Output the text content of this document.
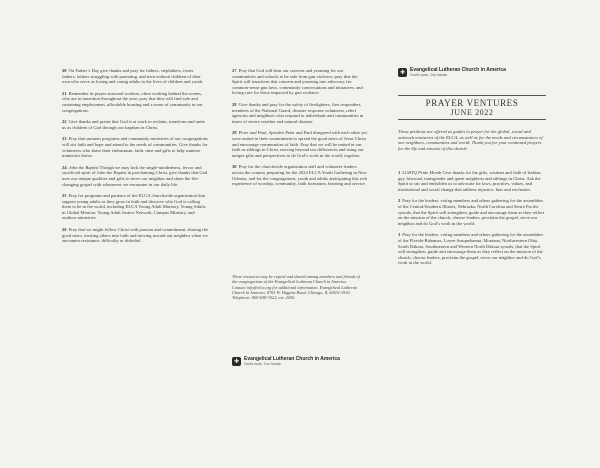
20 On Father’s Day give thanks and pray for fathers, stepfathers, foster fathers, fathers struggling with parenting, and men without children of their own who serve as loving and caring adults in the lives of children and youth.
21 Remember in prayer seasonal workers, often working behind the scenes, who are in transition throughout the year; pray that they will find safe and sustaining employment, affordable housing and a sense of community in our congregations.
22 Give thanks and praise that God is at work to reclaim, transform and unite us as children of God through our baptism in Christ.
23 Pray that summer programs and community ministries of our congregations will stir faith and hope and attend to the needs of communities. Give thanks for volunteers who share their enthusiasm, faith, time and gifts to help summer ministries thrive.
24 John the Baptist Though we may lack the single-mindedness, fervor and sacrificial spirit of John the Baptist in proclaiming Christ, give thanks that God uses our unique qualities and gifts to serve our neighbor and share the life-changing gospel with whomever we encounter in our daily life.
25 Pray for programs and partners of the ELCA churchwide organization that support young adults as they grow in faith and discover who God is calling them to be in the world, including ELCA Young Adult Ministry, Young Adults in Global Mission, Young Adult Justice Network, Campus Ministry, and outdoor ministries.
26 Pray that we might follow Christ with passion and commitment, sharing the good news, inviting others into faith and moving toward our neighbor when we encounter resistance, difficulty or disbelief.
27 Pray that God will hear our concern and yearning for our communities and schools to be safe from gun violence; pray that the Spirit will transform that concern and yearning into advocacy for common-sense gun laws, community conversations and initiatives, and loving care for those impacted by gun violence.
28 Give thanks and pray for the safety of firefighters, first responders, members of the National Guard, disaster response volunteers, relief agencies and neighbors who respond to individuals and communities in times of severe weather and natural disaster.
29 Peter and Paul, Apostles Peter and Paul disagreed with each other yet were united in their commitment to spread the good news of Jesus Christ and encourage communities of faith. Pray that we will be united in our faith as siblings in Christ, moving beyond our differences and using our unique gifts and perspectives to do God’s work in the world, together.
30 Pray for the churchwide organization staff and volunteer leaders across the country preparing for the 2024 ELCA Youth Gathering in New Orleans, and for the congregations, youth and adults anticipating this rich experience of worship, community, faith formation, learning and service.
These resources may be copied and shared among members and friends of the congregations of the Evangelical Lutheran Church in America. Contact info@elca.org for additional information. Evangelical Lutheran Church in America, 8765 W. Higgins Road, Chicago, IL 60631-4101. Telephone: 800-638-3522, ext. 2450.
✚ Evangelical Lutheran Church in America
God’s work. Our hands.
✚ Evangelical Lutheran Church in America
God’s work. Our hands.
PRAYER VENTURES
JUNE 2022
These petitions are offered as guides to prayer for the global, social and outreach ministries of the ELCA, as well as for the needs and circumstances of our neighbors, communities and world. Thank you for your continued prayers for the life and mission of this church.
1 LGBTQ Pride Month Give thanks for the gifts, wisdom and faith of lesbian, gay, bisexual, transgender and queer neighbors and siblings in Christ. Ask the Spirit to stir and embolden us to advocate for laws, practices, values, and institutional and social change that address injustice, bias and exclusion.
2 Pray for the leaders, voting members and others gathering for the assemblies of the Central/Southern Illinois, Nebraska, North Carolina and Sierra Pacific synods, that the Spirit will strengthen, guide and encourage them as they reflect on the mission of the church, choose leaders, proclaim the gospel, serve our neighbor and do God’s work in the world.
3 Pray for the leaders, voting members and others gathering for the assemblies of the Florida-Bahamas, Lower Susquehanna, Montana, Northwestern Ohio, South Dakota, Southeastern and Western North Dakota synods, that the Spirit will strengthen, guide and encourage them as they reflect on the mission of the church, choose leaders, proclaim the gospel, serve our neighbor and do God’s work in the world.
